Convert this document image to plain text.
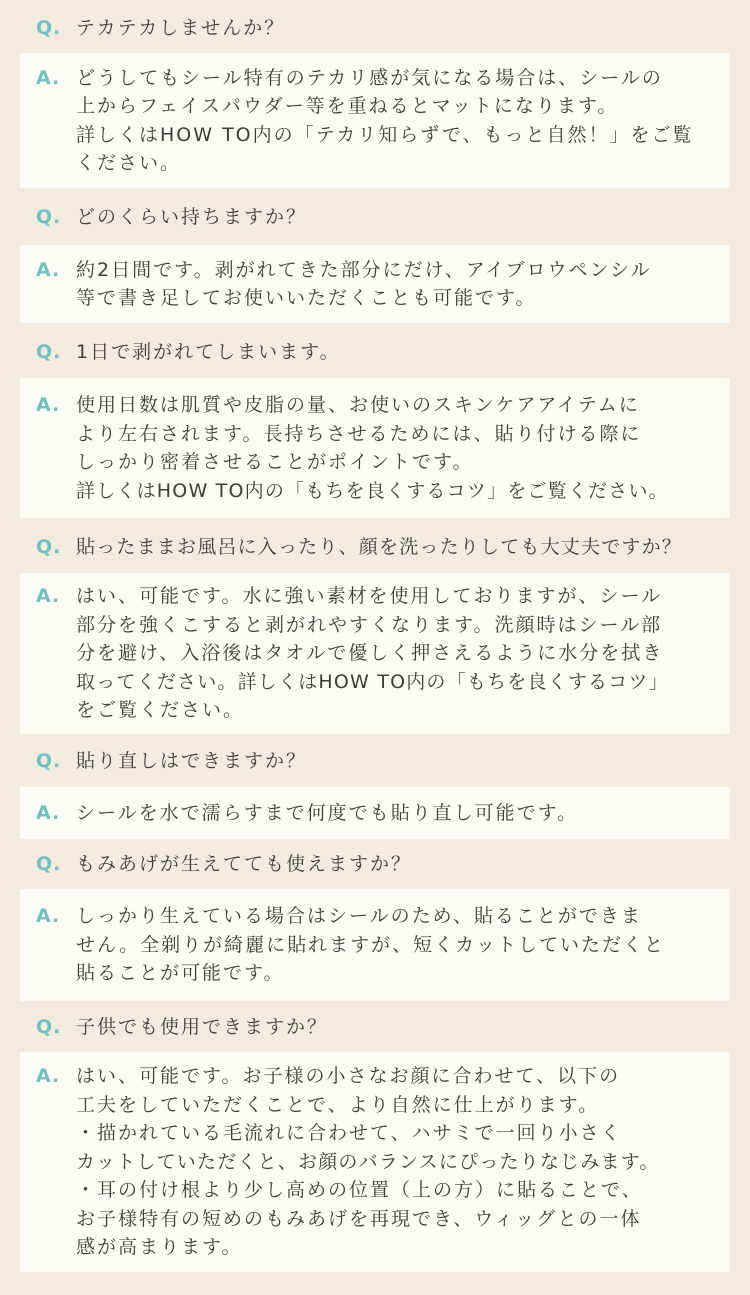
Q. テカテカしませんか？
A. どうしてもシール特有のテカリ感が気になる場合は、シールの
上からフェイスパウダー等を重ねるとマットになります。
詳しくはHOW TO内の「テカリ知らずで、もっと自然！」をご覧
ください。
Q. どのくらい持ちますか？
A. 約2日間です。剥がれてきた部分にだけ、アイブロウペンシル
等で書き足してお使いいただくことも可能です。
Q. 1日で剥がれてしまいます。
A. 使用日数は肌質や皮脂の量、お使いのスキンケアアイテムに
より左右されます。長持ちさせるためには、貼り付ける際に
しっかり密着させることがポイントです。
詳しくはHOW TO内の「もちを良くするコツ」をご覧ください。
Q. 貼ったままお風呂に入ったり、顔を洗ったりしても大丈夫ですか？
A. はい、可能です。水に強い素材を使用しておりますが、シール
部分を強くこすると剥がれやすくなります。洗顔時はシール部
分を避け、入浴後はタオルで優しく押さえるように水分を拭き
取ってください。詳しくはHOW TO内の「もちを良くするコツ」
をご覧ください。
Q. 貼り直しはできますか？
A. シールを水で濡らすまで何度でも貼り直し可能です。
Q. もみあげが生えてても使えますか？
A. しっかり生えている場合はシールのため、貼ることができま
せん。全剃りが綺麗に貼れますが、短くカットしていただくと
貼ることが可能です。
Q. 子供でも使用できますか？
A. はい、可能です。お子様の小さなお顔に合わせて、以下の
工夫をしていただくことで、より自然に仕上がります。
・描かれている毛流れに合わせて、ハサミで一回り小さく
カットしていただくと、お顔のバランスにぴったりなじみます。
・耳の付け根より少し高めの位置（上の方）に貼ることで、
お子様特有の短めのもみあげを再現でき、ウィッグとの一体
感が高まります。
